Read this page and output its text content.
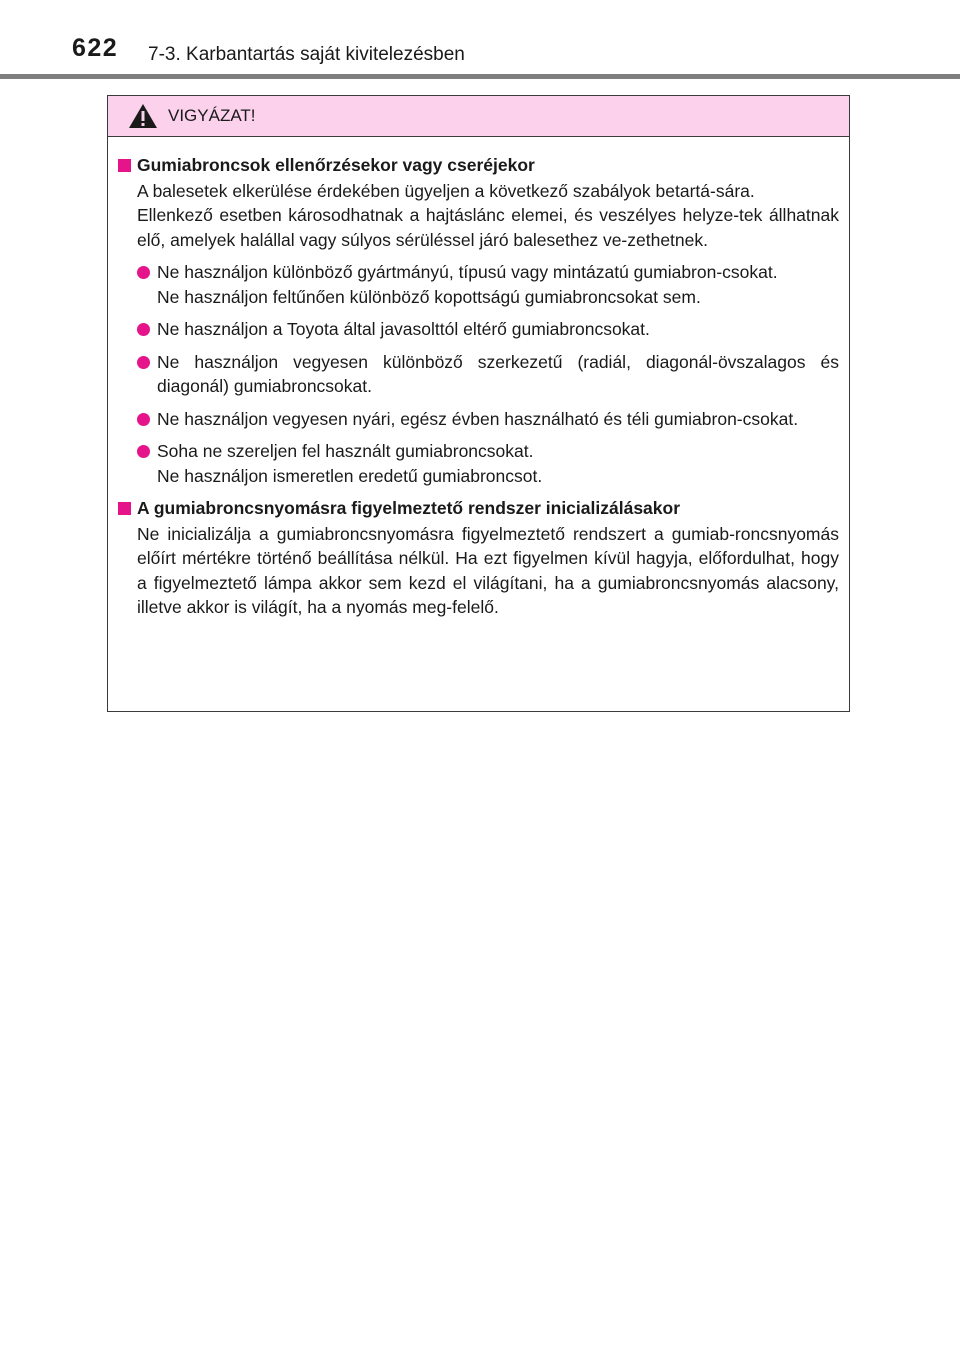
622 7-3. Karbantartás saját kivitelezésben
VIGYÁZAT!
Gumiabroncsok ellenőrzésekor vagy cseréjekor

A balesetek elkerülése érdekében ügyeljen a következő szabályok betartá-sára.

Ellenkező esetben károsodhatnak a hajtáslánc elemei, és veszélyes helyze-tek állhatnak elő, amelyek halállal vagy súlyos sérüléssel járó balesethez ve-zethetnek.

Ne használjon különböző gyártmányú, típusú vagy mintázatú gumiabron-csokat.
Ne használjon feltűnően különböző kopottságú gumiabroncsokat sem.
Ne használjon a Toyota által javasolttól eltérő gumiabroncsokat.
Ne használjon vegyesen különböző szerkezetű (radiál, diagonál-övszalagos és diagonál) gumiabroncsokat.
Ne használjon vegyesen nyári, egész évben használható és téli gumiabron-csokat.
Soha ne szereljen fel használt gumiabroncsokat.
Ne használjon ismeretlen eredetű gumiabroncsot.
A gumiabroncsnyomásra figyelmeztető rendszer inicializálásakor

Ne inicializálja a gumiabroncsnyomásra figyelmeztető rendszert a gumiab-roncsnyomás előírt mértékre történő beállítása nélkül. Ha ezt figyelmen kívül hagyja, előfordulhat, hogy a figyelmeztető lámpa akkor sem kezd el világítani, ha a gumiabroncsnyomás alacsony, illetve akkor is világít, ha a nyomás meg-felelő.
